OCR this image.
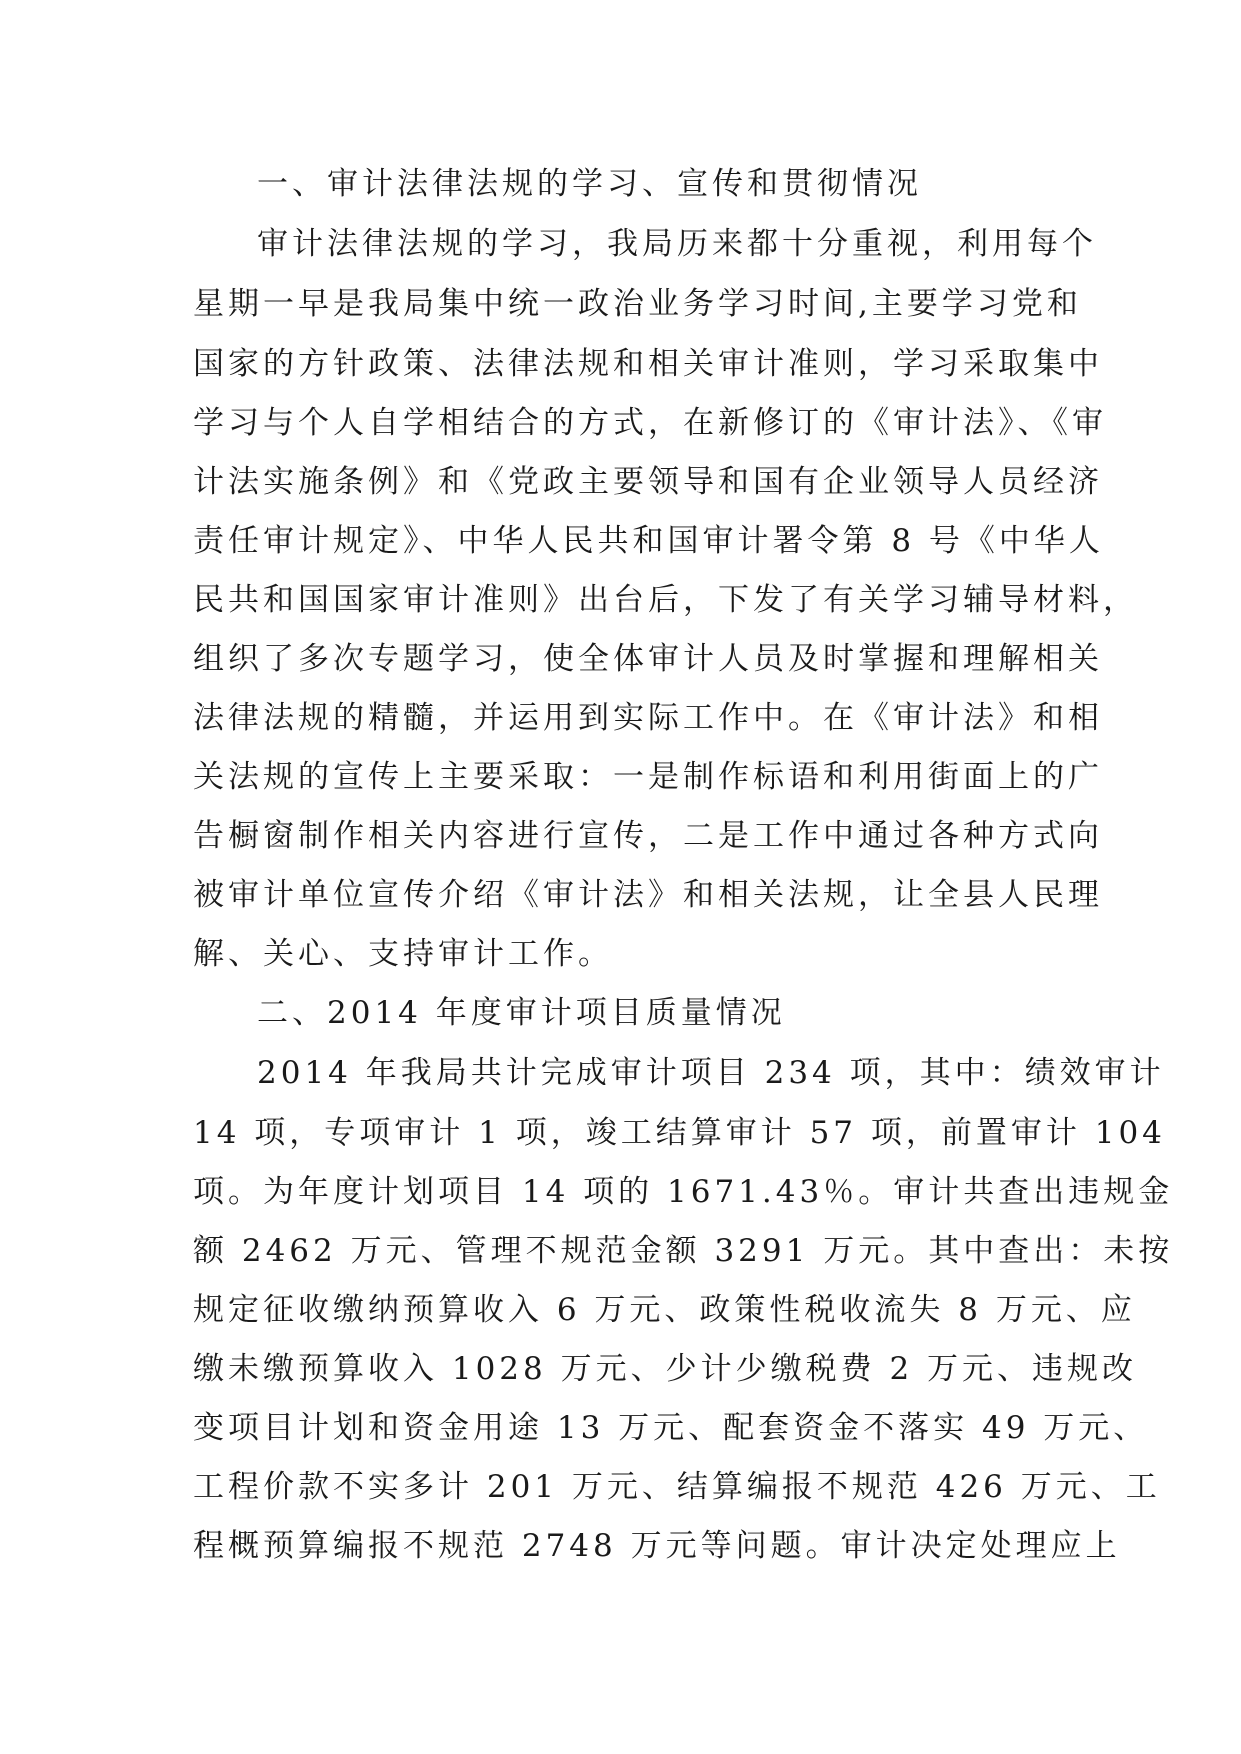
一、审计法律法规的学习、宣传和贯彻情况
审计法律法规的学习，我局历来都十分重视，利用每个
星期一早是我局集中统一政治业务学习时间,主要学习党和
国家的方针政策、法律法规和相关审计准则，学习采取集中
学习与个人自学相结合的方式，在新修订的《审计法》、《审
计法实施条例》和《党政主要领导和国有企业领导人员经济
责任审计规定》、中华人民共和国审计署令第 8 号《中华人
民共和国国家审计准则》出台后，下发了有关学习辅导材料，
组织了多次专题学习，使全体审计人员及时掌握和理解相关
法律法规的精髓，并运用到实际工作中。在《审计法》和相
关法规的宣传上主要采取：一是制作标语和利用街面上的广
告橱窗制作相关内容进行宣传，二是工作中通过各种方式向
被审计单位宣传介绍《审计法》和相关法规，让全县人民理
解、关心、支持审计工作。
二、2014 年度审计项目质量情况
2014 年我局共计完成审计项目 234 项，其中：绩效审计
14 项，专项审计 1 项，竣工结算审计 57 项，前置审计 104
项。为年度计划项目 14 项的 1671.43％。审计共查出违规金
额 2462 万元、管理不规范金额 3291 万元。其中查出：未按
规定征收缴纳预算收入 6 万元、政策性税收流失 8 万元、应
缴未缴预算收入 1028 万元、少计少缴税费 2 万元、违规改
变项目计划和资金用途 13 万元、配套资金不落实 49 万元、
工程价款不实多计 201 万元、结算编报不规范 426 万元、工
程概预算编报不规范 2748 万元等问题。审计决定处理应上
